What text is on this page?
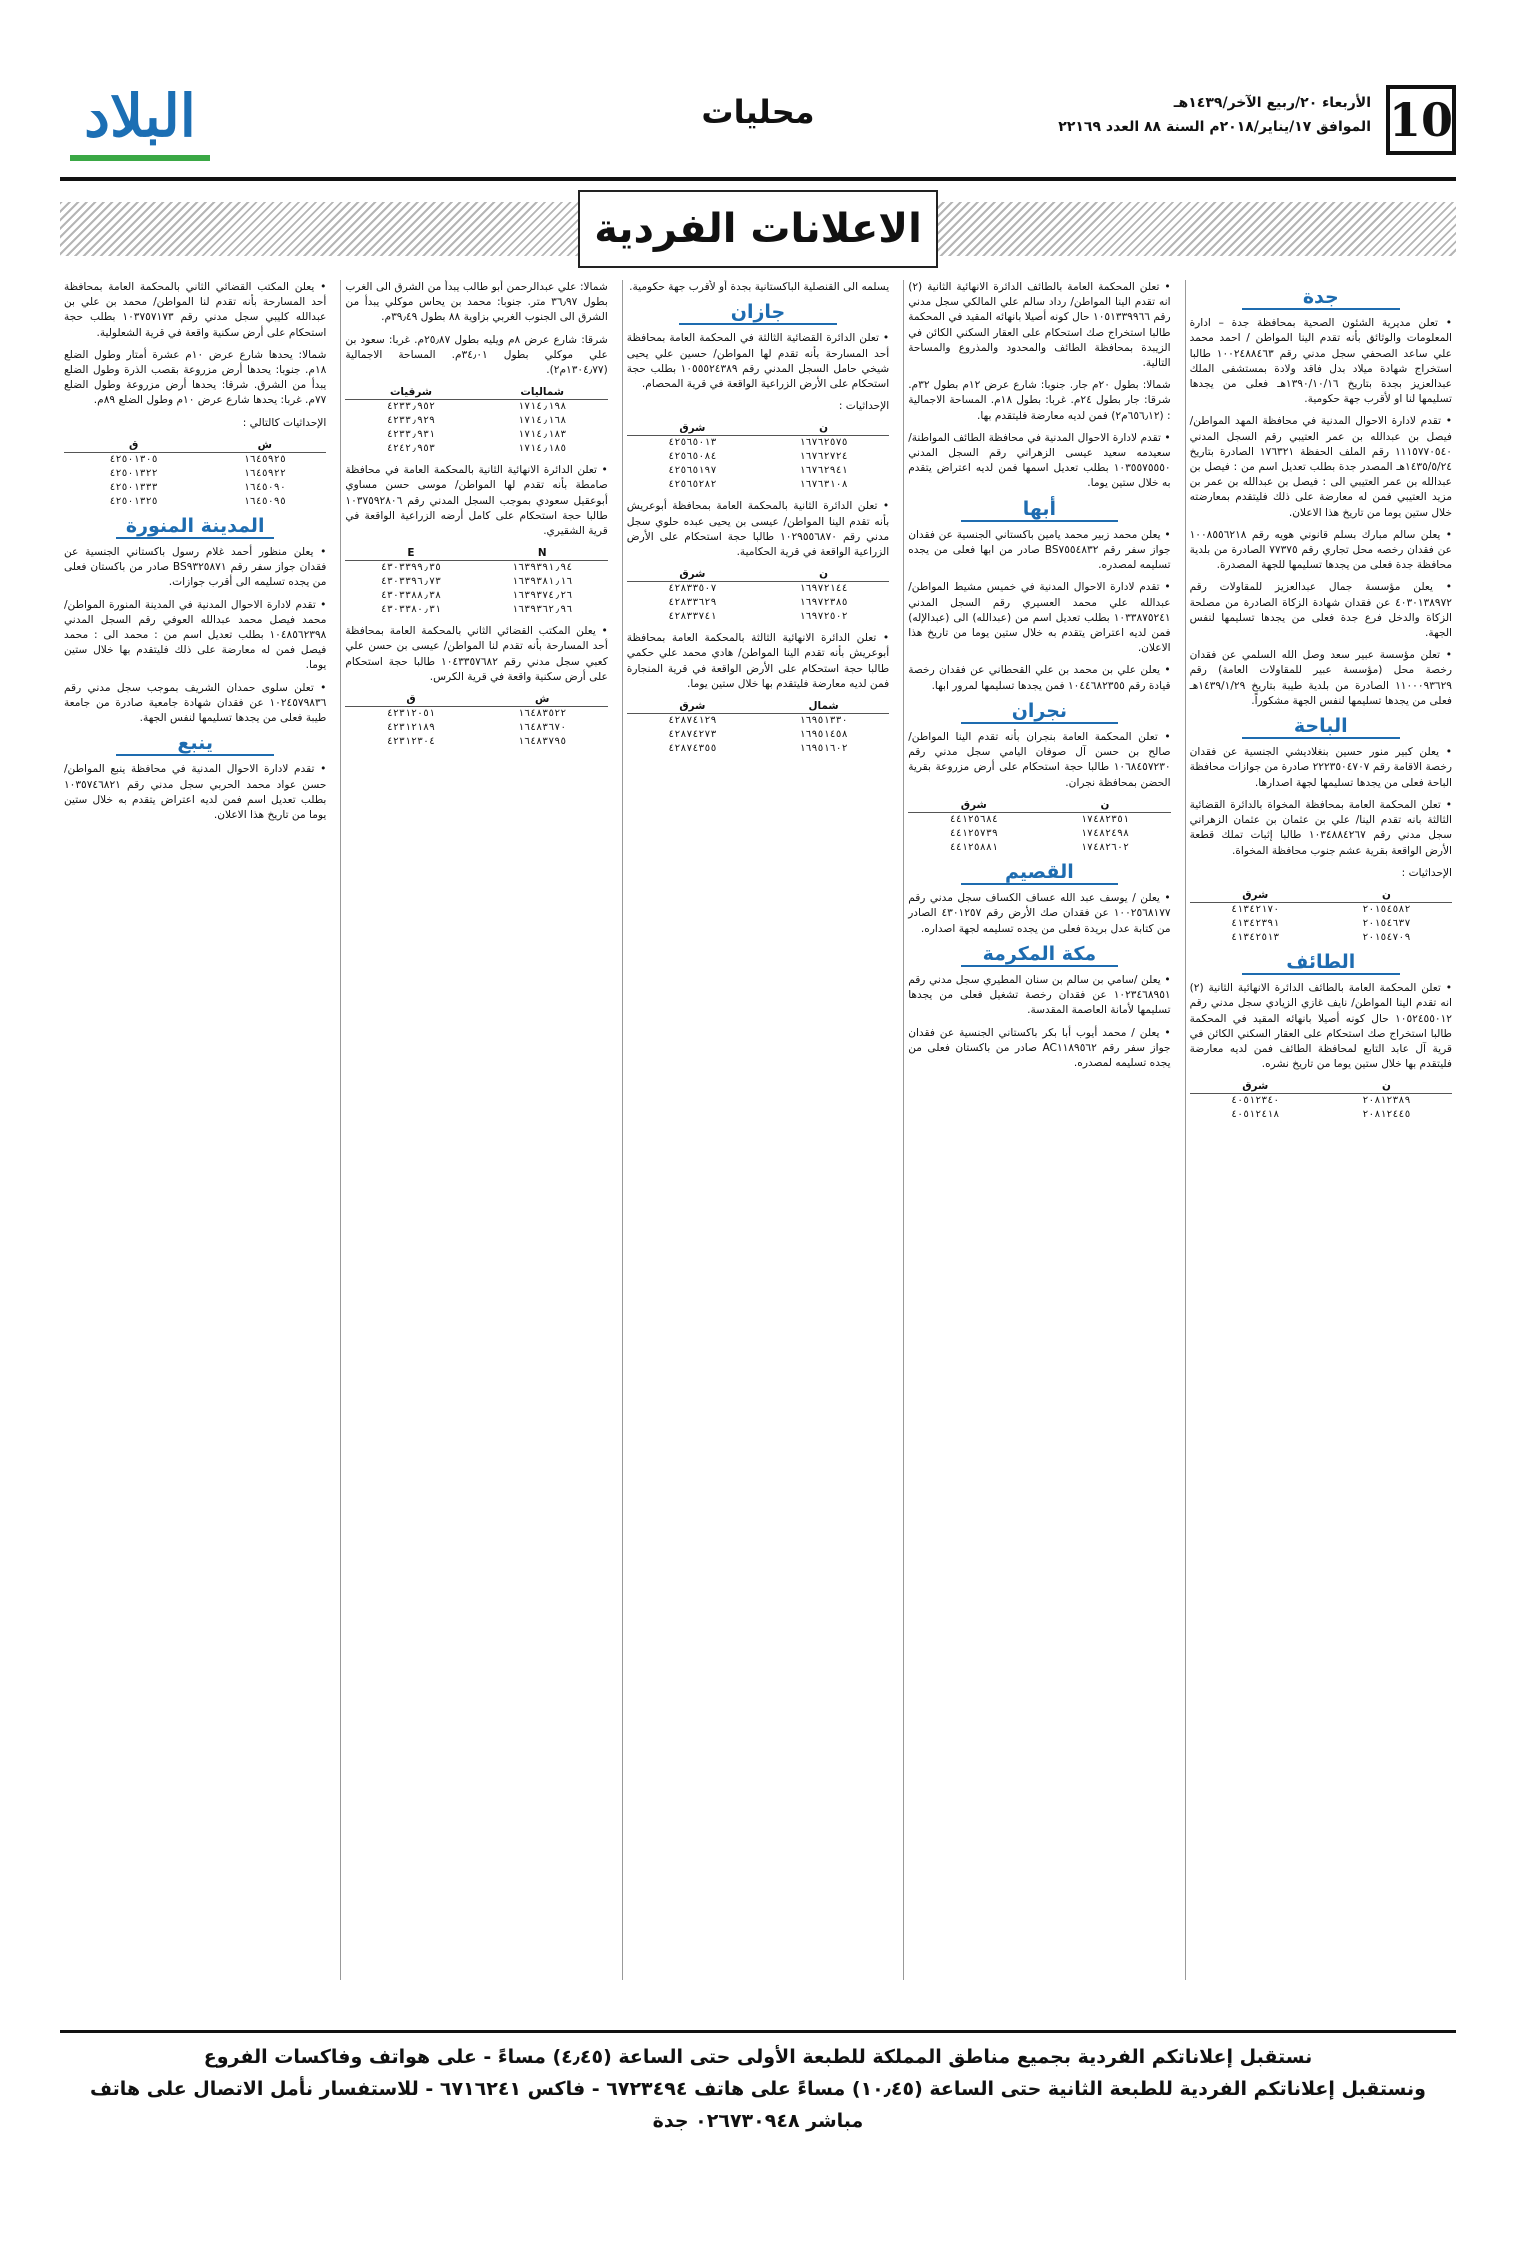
10
الأربعاء ٢٠/ربيع الآخر/١٤٣٩هـ
الموافق ١٧/يناير/٢٠١٨م السنة ٨٨ العدد ٢٢١٦٩
محليات
البلاد
الاعلانات الفردية
جدة

• تعلن مديرية الشئون الصحية بمحافظة جدة – ادارة المعلومات والوثائق بأنه تقدم الينا المواطن / احمد محمد علي ساعد الصحفي سجل مدني رقم ١٠٠٢٤٨٨٤٦٣ طالبا استخراج شهادة ميلاد بدل فاقد ولادة بمستشفى الملك عبدالعزيز بجدة بتاريخ ١٣٩٠/١٠/١٦هـ فعلى من يجدها تسليمها لنا او لأقرب جهة حكومية.

• تقدم لادارة الاحوال المدنية في محافظة المهد المواطن/ فيصل بن عبدالله بن عمر العتيبي رقم السجل المدني ١١١٥٧٧٠٥٤٠ رقم الملف الحفظة ١٧٦٣٢١ الصادرة بتاريخ ١٤٣٥/٥/٢٤هـ المصدر جدة بطلب تعديل اسم من : فيصل بن عبدالله بن عمر العتيبي الى : فيصل بن عبدالله بن عمر بن مزيد العتيبي فمن له معارضة على ذلك فليتقدم بمعارضته خلال ستين يوما من تاريخ هذا الاعلان.

• يعلن سالم مبارك بسلم قانوني هويه رقم ١٠٠٨٥٥٦٢١٨ عن فقدان رخصه محل تجاري رقم ٧٧٣٧٥ الصادرة من بلدية محافظة جدة فعلى من يجدها تسليمها للجهة المصدرة.

• يعلن مؤسسة جمال عبدالعزيز للمقاولات رقم ٤٠٣٠١٣٨٩٧٢ عن فقدان شهادة الزكاة الصادرة من مصلحة الزكاة والدخل فرع جدة فعلى من يجدها تسليمها لنفس الجهة.

• تعلن مؤسسة عبير سعد وصل الله السلمي عن فقدان رخصة محل (مؤسسة عبير للمقاولات العامة) رقم ١١٠٠٠٩٣٦٢٩ الصادرة من بلدية طيبة بتاريخ ١٤٣٩/١/٢٩هـ فعلى من يجدها تسليمها لنفس الجهة مشكوراً.

الباحة

• يعلن كبير منور حسين بنغلاديشي الجنسية عن فقدان رخصة الاقامة رقم ٢٢٢٣٥٠٤٧٠٧ صادرة من جوازات محافظة الباحة فعلى من يجدها تسليمها لجهة اصدارها.

• تعلن المحكمة العامة بمحافظة المخواة بالدائرة القضائية الثالثة بانه تقدم الينا/ علي بن عثمان بن عثمان الزهراني سجل مدني رقم ١٠٣٤٨٨٤٢٦٧ طالبا إثبات تملك قطعة الأرض الواقعة بقرية عشم جنوب محافظة المخواة.

الإحداثيات :

ن	شرق
٢٠١٥٤٥٨٢	٤١٣٤٢١٧٠
٢٠١٥٤٦٣٧	٤١٣٤٢٣٩١
٢٠١٥٤٧٠٩	٤١٣٤٢٥١٣
الطائف

• تعلن المحكمة العامة بالطائف الدائرة الانهائية الثانية (٢) انه تقدم الينا المواطن/ نايف غازي الزيادي سجل مدني رقم ١٠٥٢٤٥٥٠١٢ حال كونه أصيلا بانهائه المقيد في المحكمة طالبا استخراج صك استحكام على العقار السكني الكائن في قرية آل عابد التابع لمحافظة الطائف فمن لديه معارضة فليتقدم بها خلال ستين يوما من تاريخ نشره.

ن	شرق
٢٠٨١٢٣٨٩	٤٠٥١٢٣٤٠
٢٠٨١٢٤٤٥	٤٠٥١٢٤١٨

• تعلن المحكمة العامة بالطائف الدائرة الانهائية الثانية (٢) انه تقدم الينا المواطن/ رداد سالم علي المالكي سجل مدني رقم ١٠٥١٣٣٩٩٦٦ حال كونه أصيلا بانهائه المقيد في المحكمة طالبا استخراج صك استحكام على العقار السكني الكائن في الزيبدة بمحافظة الطائف والمحدود والمذروع والمساحة التالية.

شمالا: بطول ٢٠م جار. جنوبا: شارع عرض ١٢م بطول ٣٢م. شرقا: جار بطول ٢٤م. غربا: بطول ١٨م. المساحة الاجمالية : (٦٥٦٫١٢م٢) فمن لديه معارضة فليتقدم بها.

• تقدم لادارة الاحوال المدنية في محافظة الطائف المواطنة/ سعيدمه سعيد عيسى الزهراني رقم السجل المدني ١٠٣٥٥٧٥٥٥٠ بطلب تعديل اسمها فمن لديه اعتراض يتقدم به خلال ستين يوما.

أبها

• يعلن محمد زبير محمد يامين باكستاني الجنسية عن فقدان جواز سفر رقم BS٧٥٥٤٨٣٢ صادر من ابها فعلى من يجده تسليمه لمصدره.

• تقدم لادارة الاحوال المدنية في خميس مشيط المواطن/ عبدالله علي محمد العسيري رقم السجل المدني ١٠٣٣٨٧٥٢٤١ بطلب تعديل اسم من (عبدالله) الى (عبدالإله) فمن لديه اعتراض يتقدم به خلال ستين يوما من تاريخ هذا الاعلان.

• يعلن علي بن محمد بن علي القحطاني عن فقدان رخصة قيادة رقم ١٠٤٤٦٨٢٣٥٥ فمن يجدها تسليمها لمرور ابها.

نجران

• تعلن المحكمة العامة بنجران بأنه تقدم الينا المواطن/ صالح بن حسن آل صوفان اليامي سجل مدني رقم ١٠٦٨٤٥٧٢٣٠ طالبا حجة استحكام على أرض مزروعة بقرية الحضن بمحافظة نجران.

ن	شرق
١٧٤٨٢٣٥١	٤٤١٢٥٦٨٤
١٧٤٨٢٤٩٨	٤٤١٢٥٧٣٩
١٧٤٨٢٦٠٢	٤٤١٢٥٨٨١
القصيم

• يعلن / يوسف عبد الله عساف الكساف سجل مدني رقم ١٠٠٢٥٦٨١٧٧ عن فقدان صك الأرض رقم ٤٣٠١٢٥٧ الصادر من كتابة عدل بريدة فعلى من يجده تسليمه لجهة اصداره.

مكة المكرمة

• يعلن /سامي بن سالم بن سنان المطيري سجل مدني رقم ١٠٢٣٤٦٨٩٥١ عن فقدان رخصة تشغيل فعلى من يجدها تسليمها لأمانة العاصمة المقدسة.

• يعلن / محمد أيوب أبا بكر باكستاني الجنسية عن فقدان جواز سفر رقم AC١١٨٩٥٦٢ صادر من باكستان فعلى من يجده تسليمه لمصدره.

يسلمه الى القنصلية الباكستانية بجدة أو لأقرب جهة حكومية.

جازان

• تعلن الدائرة القضائية الثالثة في المحكمة العامة بمحافظة أحد المسارحة بأنه تقدم لها المواطن/ حسين علي يحيى شيخي حامل السجل المدني رقم ١٠٥٥٥٢٤٣٨٩ بطلب حجة استحكام على الأرض الزراعية الواقعة في قرية المحصام.

الإحداثيات :

ن	شرق
١٦٧٦٢٥٧٥	٤٢٥٦٥٠١٣
١٦٧٦٢٧٢٤	٤٢٥٦٥٠٨٤
١٦٧٦٢٩٤١	٤٢٥٦٥١٩٧
١٦٧٦٣١٠٨	٤٢٥٦٥٢٨٢

• تعلن الدائرة الثانية بالمحكمة العامة بمحافظة أبوعريش بأنه تقدم الينا المواطن/ عيسى بن يحيى عبده حلوي سجل مدني رقم ١٠٢٩٥٥٦٨٧٠ طالبا حجة استحكام على الأرض الزراعية الواقعة في قرية الحكامية.

ن	شرق
١٦٩٧٢١٤٤	٤٢٨٣٣٥٠٧
١٦٩٧٢٣٨٥	٤٢٨٣٣٦٢٩
١٦٩٧٢٥٠٢	٤٢٨٣٣٧٤١

• تعلن الدائرة الانهائية الثالثة بالمحكمة العامة بمحافظة أبوعريش بأنه تقدم الينا المواطن/ هادي محمد علي حكمي طالبا حجة استحكام على الأرض الواقعة في قرية المنجارة فمن لديه معارضة فليتقدم بها خلال ستين يوما.

شمال	شرق
١٦٩٥١٣٣٠	٤٢٨٧٤١٢٩
١٦٩٥١٤٥٨	٤٢٨٧٤٢٧٣
١٦٩٥١٦٠٢	٤٢٨٧٤٣٥٥

شمالا: علي عبدالرحمن أبو طالب يبدأ من الشرق الى الغرب بطول ٣٦٫٩٧ متر. جنوبا: محمد بن يحاس موكلي يبدأ من الشرق الى الجنوب الغربي بزاوية ٨٨ بطول ٣٩٫٤٩م.

شرقا: شارع عرض ٨م ويليه بطول ٢٥٫٨٧م. غربا: سعود بن علي موكلي بطول ٣٤٫٠١م. المساحة الاجمالية (١٣٠٤٫٧٧م٢).

شماليات	شرقيات
١٧١٤٫١٩٨	٤٢٣٣٫٩٥٢
١٧١٤٫١٦٨	٤٢٣٣٫٩٢٩
١٧١٤٫١٨٣	٤٢٣٣٫٩٣١
١٧١٤٫١٨٥	٤٢٤٢٫٩٥٣

• تعلن الدائرة الانهائية الثانية بالمحكمة العامة في محافظة صامطة بأنه تقدم لها المواطن/ موسى حسن مساوي أبوعقيل سعودي بموجب السجل المدني رقم ١٠٣٧٥٩٢٨٠٦ طالبا حجة استحكام على كامل أرضه الزراعية الواقعة في قرية الشقيري.

N	E
١٦٣٩٣٩١٫٩٤	٤٣٠٣٣٩٩٫٣٥
١٦٣٩٣٨١٫١٦	٤٣٠٣٣٩٦٫٧٣
١٦٣٩٣٧٤٫٢٦	٤٣٠٣٣٨٨٫٣٨
١٦٣٩٣٦٢٫٩٦	٤٣٠٣٣٨٠٫٣١

• يعلن المكتب القضائي الثاني بالمحكمة العامة بمحافظة أحد المسارحة بأنه تقدم لنا المواطن/ عيسى بن حسن علي كعبي سجل مدني رقم ١٠٤٣٣٥٧٦٨٢ طالبا حجة استحكام على أرض سكنية واقعة في قرية الكرس.

ش	ق
١٦٤٨٣٥٢٢	٤٢٣١٢٠٥١
١٦٤٨٣٦٧٠	٤٢٣١٢١٨٩
١٦٤٨٣٧٩٥	٤٢٣١٢٣٠٤

• يعلن المكتب القضائي الثاني بالمحكمة العامة بمحافظة أحد المسارحة بأنه تقدم لنا المواطن/ محمد بن علي بن عبدالله كليبي سجل مدني رقم ١٠٣٧٥٧١٧٣ بطلب حجة استحكام على أرض سكنية واقعة في قرية الشعلولية.

شمالا: يحدها شارع عرض ١٠م عشرة أمتار وطول الضلع ١٨م. جنوبا: يحدها أرض مزروعة بقصب الذرة وطول الضلع يبدأ من الشرق. شرقا: يحدها أرض مزروعة وطول الضلع ٧٧م. غربا: يحدها شارع عرض ١٠م وطول الضلع ٨٩م.

الإحداثيات كالتالي :

ش	ق
١٦٤٥٩٢٥	٤٢٥٠١٣٠٥
١٦٤٥٩٢٢	٤٢٥٠١٣٢٢
١٦٤٥٠٩٠	٤٢٥٠١٣٣٣
١٦٤٥٠٩٥	٤٢٥٠١٣٢٥
المدينة المنورة

• يعلن منظور أحمد غلام رسول باكستاني الجنسية عن فقدان جواز سفر رقم BS٩٣٢٥٨٧١ صادر من باكستان فعلى من يجده تسليمه الى أقرب جوازات.

• تقدم لادارة الاحوال المدنية في المدينة المنورة المواطن/ محمد فيصل محمد عبدالله العوفي رقم السجل المدني ١٠٤٨٥٦٢٣٩٨ بطلب تعديل اسم من : محمد الى : محمد فيصل فمن له معارضة على ذلك فليتقدم بها خلال ستين يوما.

• تعلن سلوى حمدان الشريف بموجب سجل مدني رقم ١٠٢٤٥٧٩٨٣٦ عن فقدان شهادة جامعية صادرة من جامعة طيبة فعلى من يجدها تسليمها لنفس الجهة.

ينبع

• تقدم لادارة الاحوال المدنية في محافظة ينبع المواطن/ حسن عواد محمد الحربي سجل مدني رقم ١٠٣٥٧٤٦٨٢١ بطلب تعديل اسم فمن لديه اعتراض يتقدم به خلال ستين يوما من تاريخ هذا الاعلان.

نستقبل إعلاناتكم الفردية بجميع مناطق المملكة للطبعة الأولى حتى الساعة (٤٫٤٥) مساءً - على هواتف وفاكسات الفروع
ونستقبل إعلاناتكم الفردية للطبعة الثانية حتى الساعة (١٠٫٤٥) مساءً على هاتف ٦٧٢٣٤٩٤ - فاكس ٦٧١٦٢٤١ - للاستفسار نأمل الاتصال على هاتف مباشر ٠٢٦٧٣٠٩٤٨ جدة
